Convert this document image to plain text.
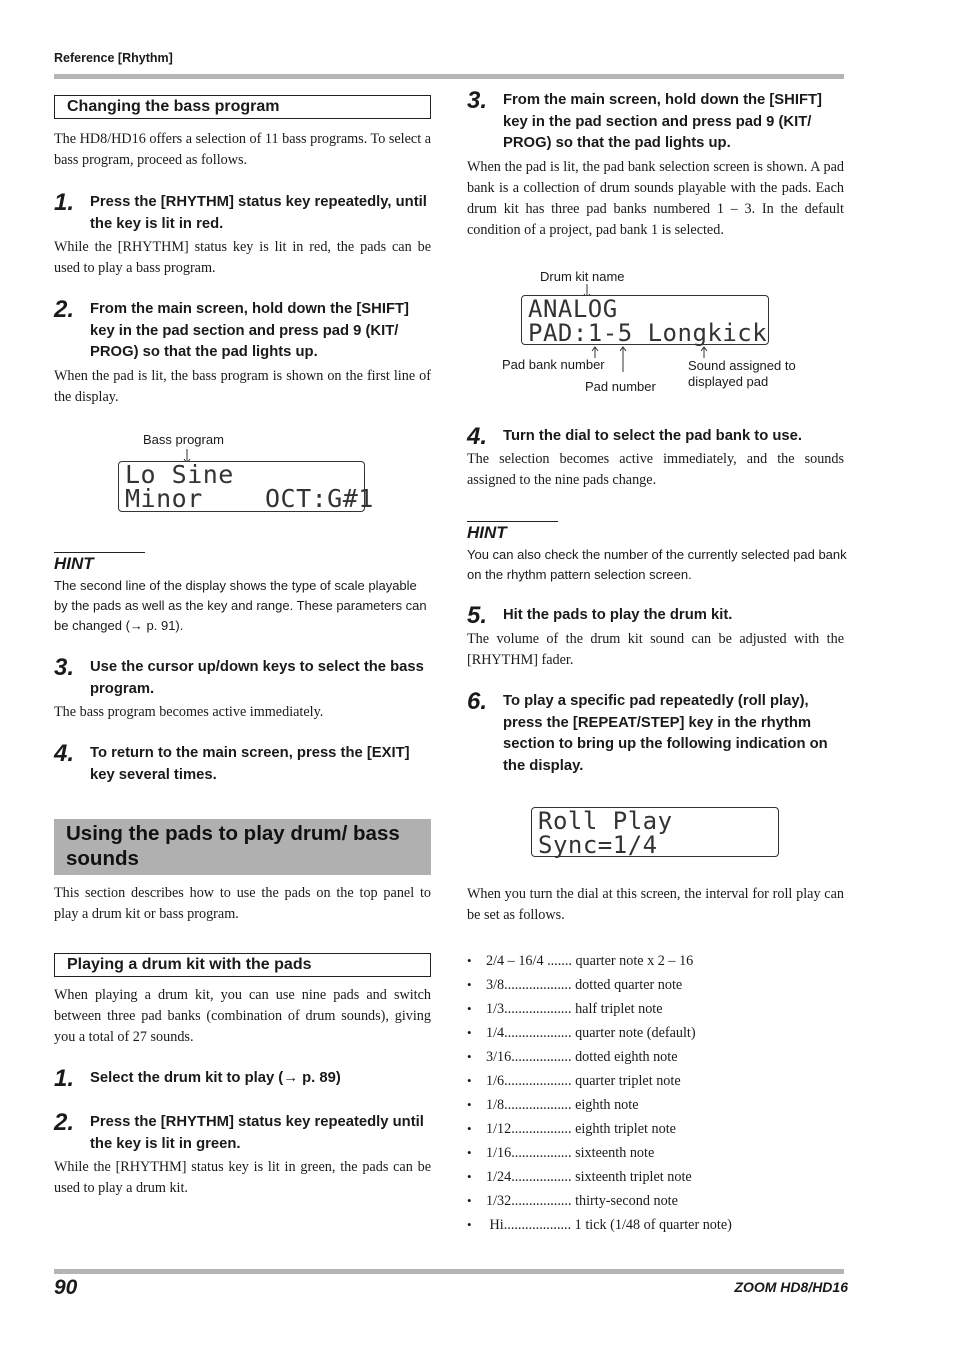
Reference [Rhythm]
90	ZOOM HD8/HD16
Changing the bass program

The HD8/HD16 offers a selection of 11 bass programs. To select a bass program, proceed as follows.

1.	Press the [RHYTHM] status key repeatedly, until the key is lit in red.

While the [RHYTHM] status key is lit in red, the pads can be used to play a bass program.

2.	From the main screen, hold down the [SHIFT] key in the pad section and press pad 9 (KIT/ PROG) so that the pad lights up.

When the pad is lit, the bass program is shown on the first line of the display.

Bass program
Lo Sine
Minor    OCT:G#1
HINT

The second line of the display shows the type of scale playable by the pads as well as the key and range. These parameters can be changed (→ p. 91).

3.	Use the cursor up/down keys to select the bass program.

The bass program becomes active immediately.

4.	To return to the main screen, press the [EXIT] key several times.
Using the pads to play drum/ bass sounds

This section describes how to use the pads on the top panel to play a drum kit or bass program.

Playing a drum kit with the pads

When playing a drum kit, you can use nine pads and switch between three pad banks (combination of drum sounds), giving you a total of 27 sounds.

1.	Select the drum kit to play (→ p. 89)
2.	Press the [RHYTHM] status key repeatedly until the key is lit in green.

While the [RHYTHM] status key is lit in green, the pads can be used to play a drum kit.

3.	From the main screen, hold down the [SHIFT] key in the pad section and press pad 9 (KIT/ PROG) so that the pad lights up.

When the pad is lit, the pad bank selection screen is shown. A pad bank is a collection of drum sounds playable with the pads. Each drum kit has three pad banks numbered 1 – 3. In the default condition of a project, pad bank 1 is selected.

Drum kit name
ANALOG
PAD:1-5 Longkick
Pad bank number
Pad number
Sound assigned to displayed pad
4.	Turn the dial to select the pad bank to use.

The selection becomes active immediately, and the sounds assigned to the nine pads change.

HINT

You can also check the number of the currently selected pad bank on the rhythm pattern selection screen.

5.	Hit the pads to play the drum kit.

The volume of the drum kit sound can be adjusted with the [RHYTHM] fader.

6.	To play a specific pad repeatedly (roll play), press the [REPEAT/STEP] key in the rhythm section to bring up the following indication on the display.
Roll Play
Sync=1/4

When you turn the dial at this screen, the interval for roll play can be set as follows.

•	2/4 – 16/4 ....... quarter note x 2 – 16
•	3/8................... dotted quarter note
•	1/3................... half triplet note
•	1/4................... quarter note (default)
•	3/16................. dotted eighth note
•	1/6................... quarter triplet note
•	1/8................... eighth note
•	1/12................. eighth triplet note
•	1/16................. sixteenth note
•	1/24................. sixteenth triplet note
•	1/32................. thirty-second note
•	Hi................... 1 tick (1/48 of quarter note)
